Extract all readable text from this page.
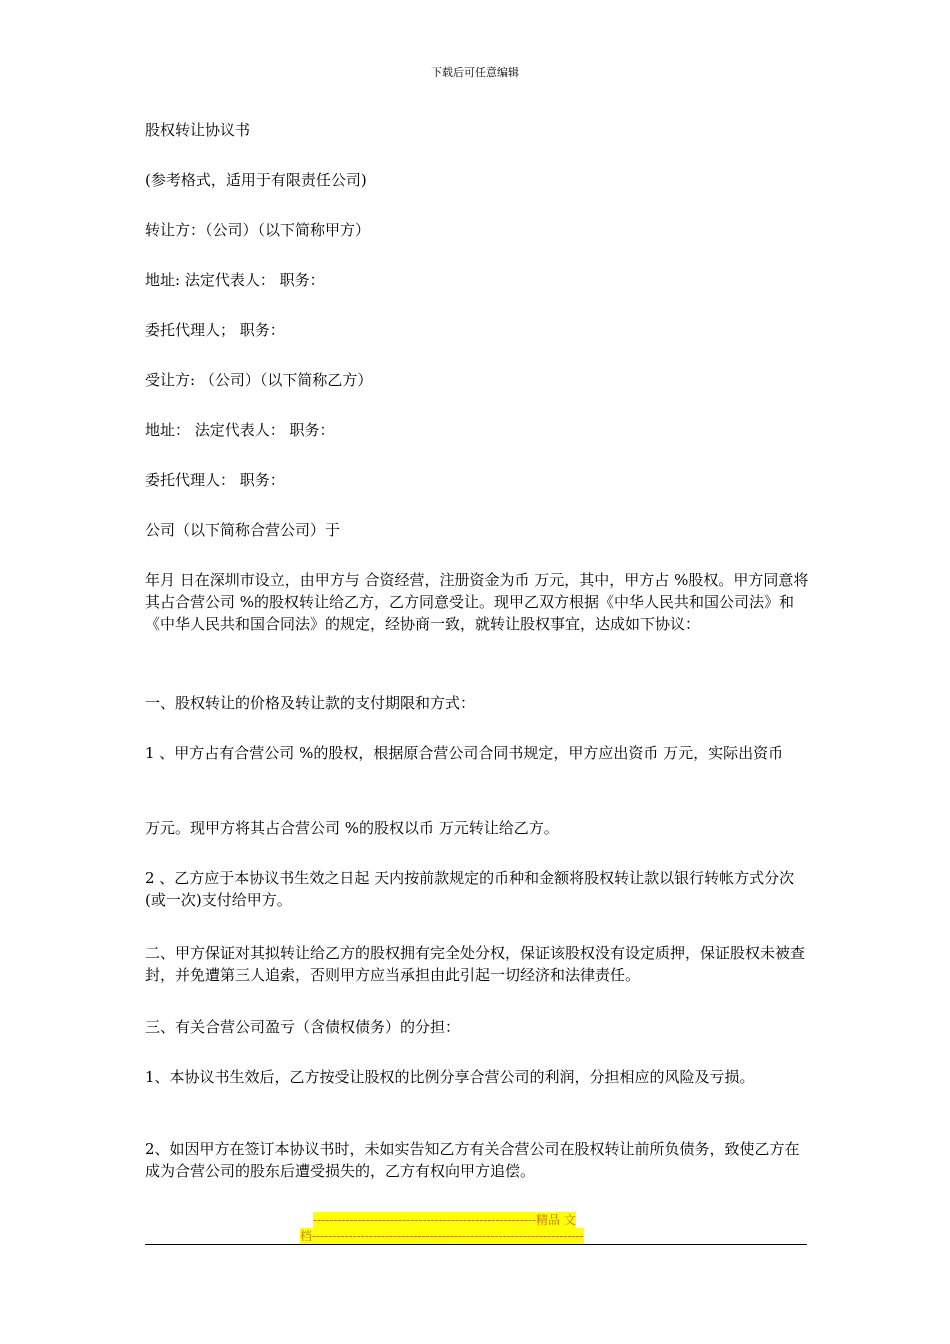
下载后可任意编辑

股权转让协议书

(参考格式，适用于有限责任公司)

转让方：（公司）（以下简称甲方）

地址: 法定代表人： 职务：

委托代理人； 职务：

受让方: （公司）（以下简称乙方）

地址： 法定代表人： 职务：

委托代理人： 职务：

公司（以下简称合营公司）于

年月 日在深圳市设立，由甲方与 合资经营，注册资金为币 万元，其中，甲方占 %股权。甲方同意将其占合营公司 %的股权转让给乙方，乙方同意受让。现甲乙双方根据《中华人民共和国公司法》和《中华人民共和国合同法》的规定，经协商一致，就转让股权事宜，达成如下协议：

一、股权转让的价格及转让款的支付期限和方式：

1 、甲方占有合营公司 %的股权，根据原合营公司合同书规定，甲方应出资币 万元，实际出资币

万元。现甲方将其占合营公司 %的股权以币 万元转让给乙方。

2 、乙方应于本协议书生效之日起 天内按前款规定的币种和金额将股权转让款以银行转帐方式分次(或一次)支付给甲方。

二、甲方保证对其拟转让给乙方的股权拥有完全处分权，保证该股权没有设定质押，保证股权未被查封，并免遭第三人追索，否则甲方应当承担由此引起一切经济和法律责任。

三、有关合营公司盈亏（含债权债务）的分担：

1、本协议书生效后，乙方按受让股权的比例分享合营公司的利润，分担相应的风险及亏损。

2、如因甲方在签订本协议书时，未如实告知乙方有关合营公司在股权转让前所负债务，致使乙方在成为合营公司的股东后遭受损失的，乙方有权向甲方追偿。

-------------------------------------------------------精品 文
档-------------------------------------------------------------------
